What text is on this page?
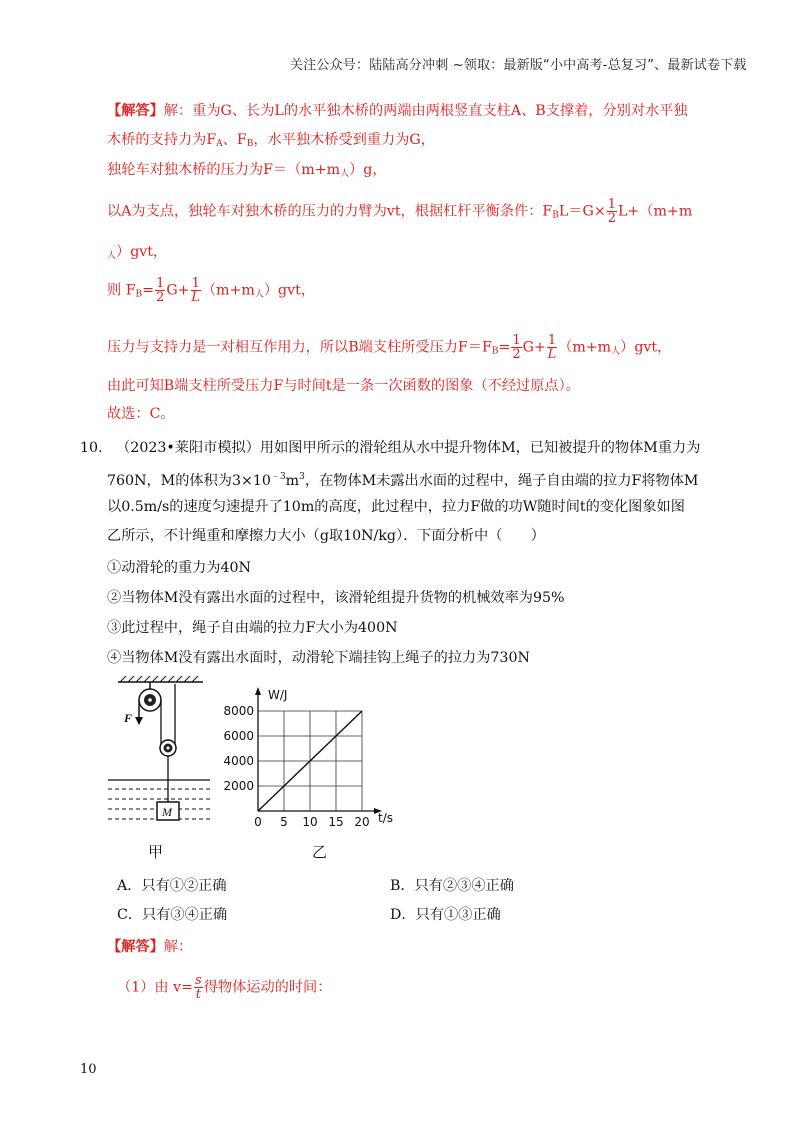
关注公众号：陆陆高分冲刺 ~领取：最新版“小中高考-总复习”、最新试卷下载
【解答】解：重为G、长为L的水平独木桥的两端由两根竖直支柱A、B支撑着，分别对水平独
木桥的支持力为$F_A$、$F_B$，水平独木桥受到重力为G，
独轮车对独木桥的压力为$F=(m+m_人)g$，
以A为支点，独轮车对独木桥的压力的力臂为vt，根据杠杆平衡条件：$F_BL=G\times \frac{1}{2} L+(m+m$
$_人$）gvt，
则 $F_B= \frac{1}{2} G+ \frac{1}{L} (m+m_人)gvt$，
压力与支持力是一对相互作用力，所以B端支柱所受压力$F=F_B= \frac{1}{2} G+ \frac{1}{L} (m+m_人)gvt$，
由此可知B端支柱所受压力F与时间t是一条一次函数的图象（不经过原点）。
故选：C。
10. （2023•莱阳市模拟）用如图甲所示的滑轮组从水中提升物体M，已知被提升的物体M重力为
760N，M的体积为$3\times 10^{﹣3}m^3$，在物体M未露出水面的过程中，绳子自由端的拉力F将物体M
以0.5m/s的速度匀速提升了10m的高度，此过程中，拉力F做的功W随时间t的变化图象如图
乙所示，不计绳重和摩擦力大小（g取10N/kg）．下面分析中（　　）
①动滑轮的重力为40N
②当物体M没有露出水面的过程中，该滑轮组提升货物的机械效率为95%
③此过程中，绳子自由端的拉力F大小为400N
④当物体M没有露出水面时，动滑轮下端挂钩上绳子的拉力为730N
F
M
甲
0 5 10 15 20
2000
4000
6000
8000
t/s
W/J
乙
A．只有①②正确	B．只有②③④正确
C．只有③④正确	D．只有①③正确
【解答】解：
（1）由 $v= \frac{s}{t}$ 得物体运动的时间：
10
